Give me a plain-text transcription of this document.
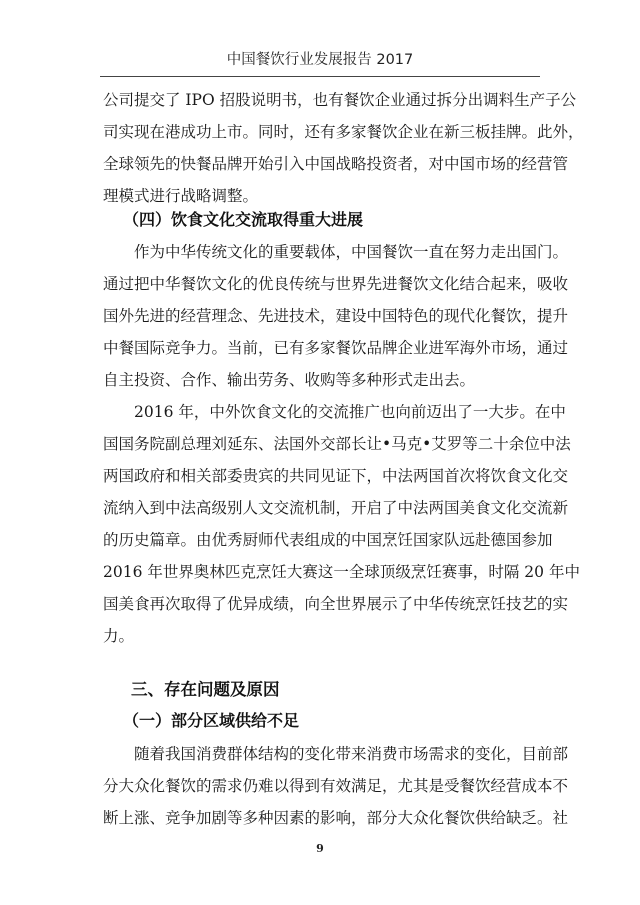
中国餐饮行业发展报告 2017
公司提交了 IPO 招股说明书，也有餐饮企业通过拆分出调料生产子公
司实现在港成功上市。同时，还有多家餐饮企业在新三板挂牌。此外，
全球领先的快餐品牌开始引入中国战略投资者，对中国市场的经营管
理模式进行战略调整。
（四）饮食文化交流取得重大进展
作为中华传统文化的重要载体，中国餐饮一直在努力走出国门。
通过把中华餐饮文化的优良传统与世界先进餐饮文化结合起来，吸收
国外先进的经营理念、先进技术，建设中国特色的现代化餐饮，提升
中餐国际竞争力。当前，已有多家餐饮品牌企业进军海外市场，通过
自主投资、合作、输出劳务、收购等多种形式走出去。
2016 年，中外饮食文化的交流推广也向前迈出了一大步。在中
国国务院副总理刘延东、法国外交部长让•马克•艾罗等二十余位中法
两国政府和相关部委贵宾的共同见证下，中法两国首次将饮食文化交
流纳入到中法高级别人文交流机制，开启了中法两国美食文化交流新
的历史篇章。由优秀厨师代表组成的中国烹饪国家队远赴德国参加
2016 年世界奥林匹克烹饪大赛这一全球顶级烹饪赛事，时隔 20 年中
国美食再次取得了优异成绩，向全世界展示了中华传统烹饪技艺的实
力。
三、存在问题及原因
（一）部分区域供给不足
随着我国消费群体结构的变化带来消费市场需求的变化，目前部
分大众化餐饮的需求仍难以得到有效满足，尤其是受餐饮经营成本不
断上涨、竞争加剧等多种因素的影响，部分大众化餐饮供给缺乏。社
9
